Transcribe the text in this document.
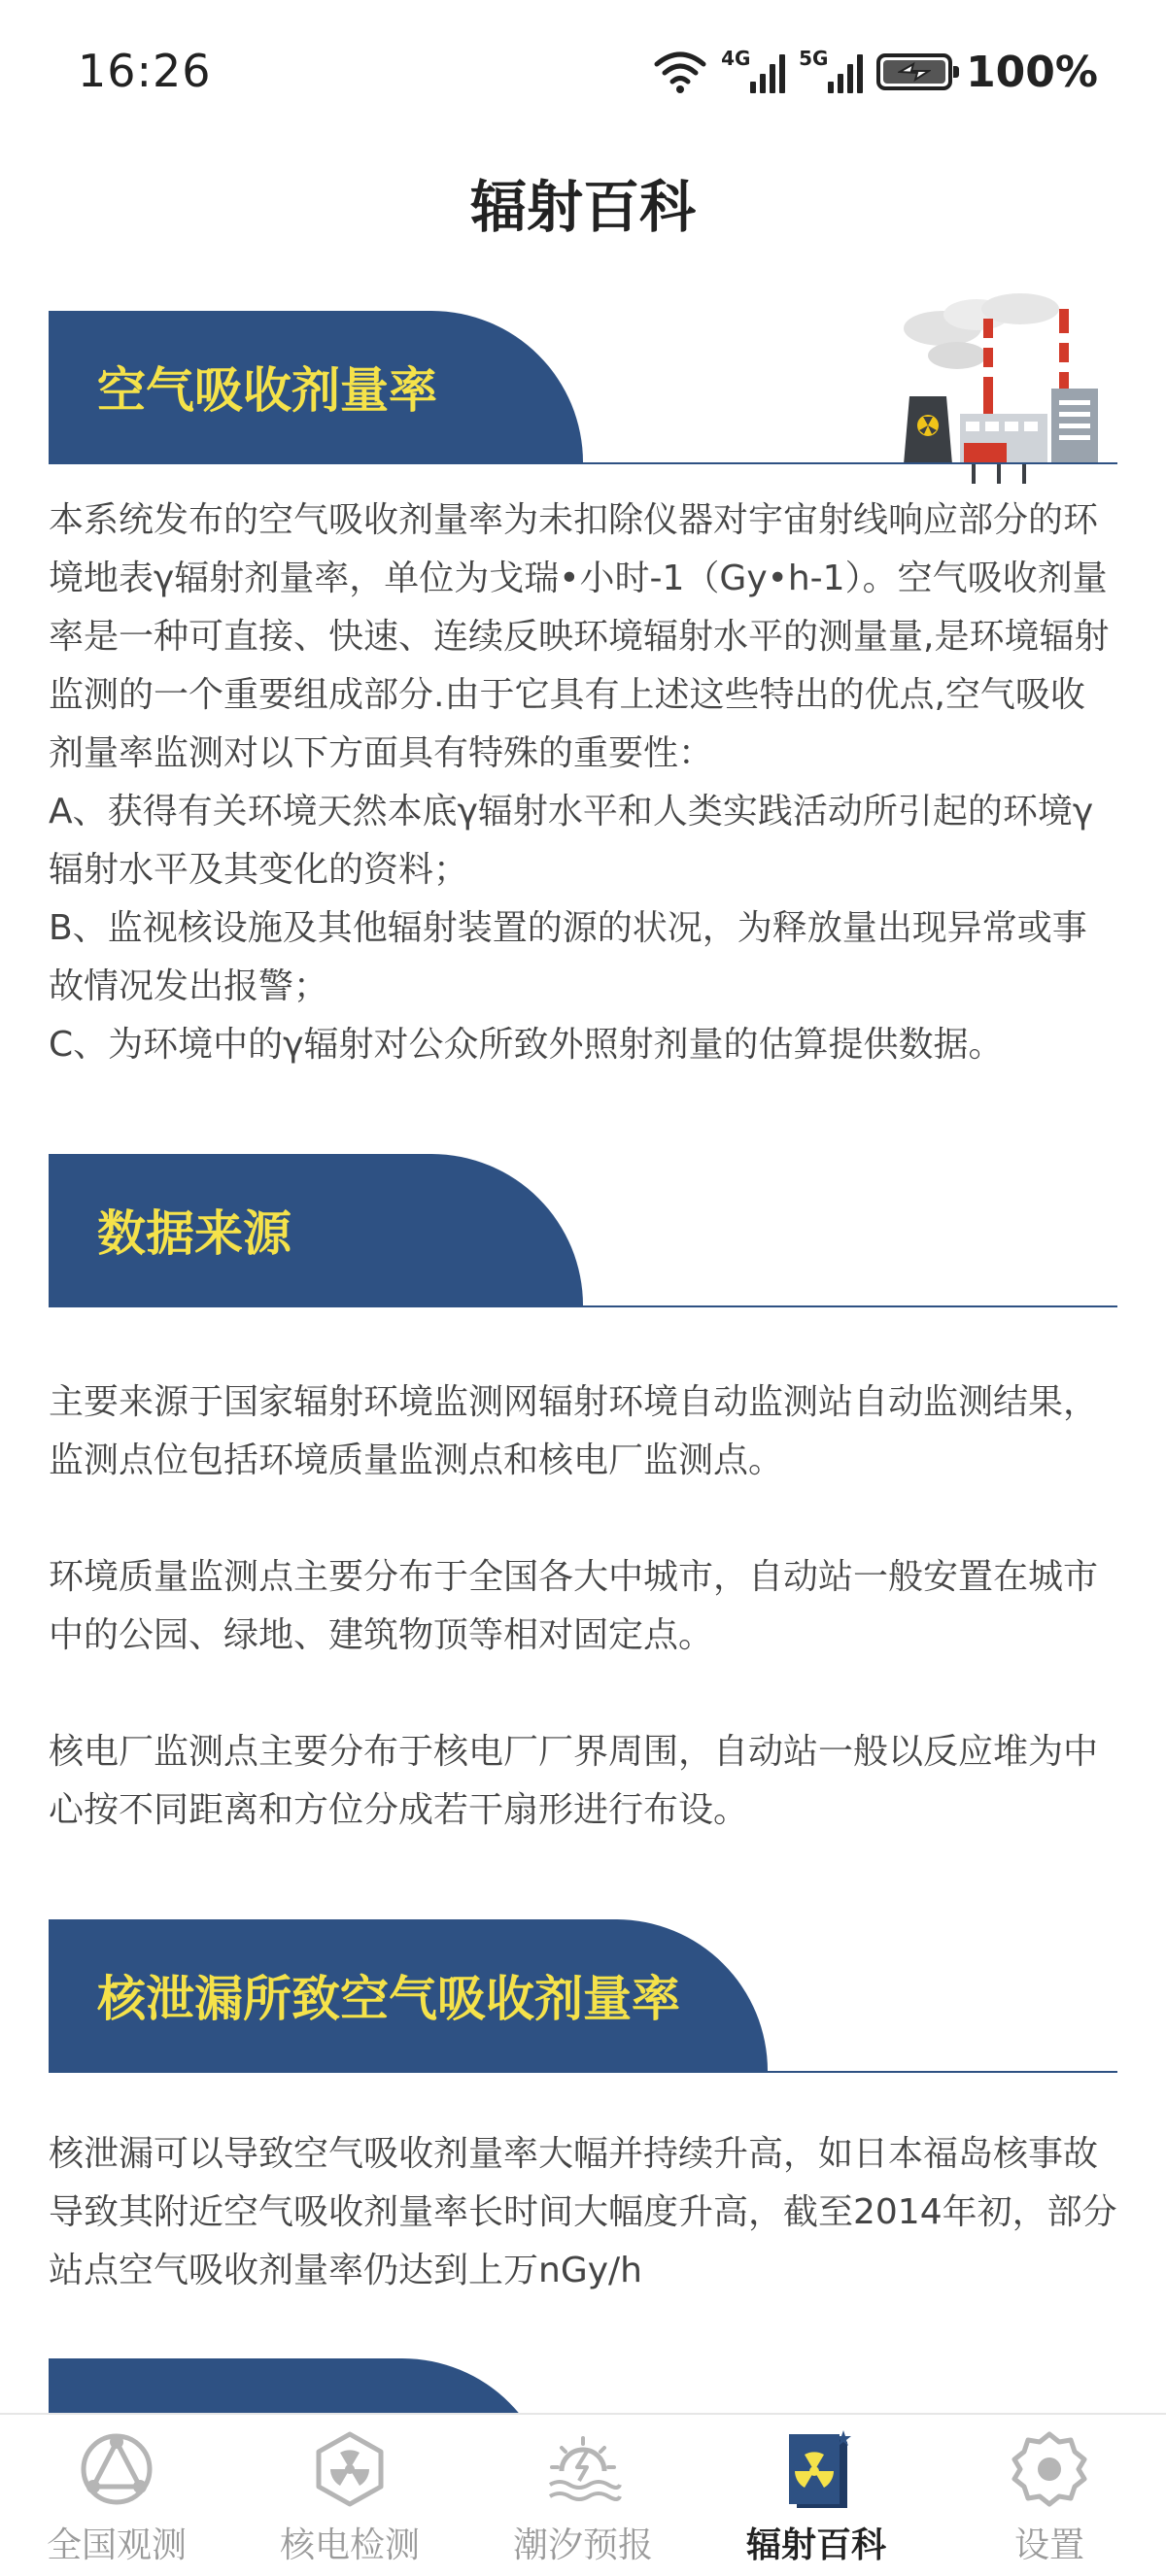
16:26	4G 5G	100%
辐射百科
空气吸收剂量率

本系统发布的空气吸收剂量率为未扣除仪器对宇宙射线响应部分的环境地表γ辐射剂量率，单位为戈瑞•小时-1（Gy•h-1）。空气吸收剂量率是一种可直接、快速、连续反映环境辐射水平的测量量,是环境辐射监测的一个重要组成部分.由于它具有上述这些特出的优点,空气吸收剂量率监测对以下方面具有特殊的重要性：

A、获得有关环境天然本底γ辐射水平和人类实践活动所引起的环境γ辐射水平及其变化的资料；

B、监视核设施及其他辐射装置的源的状况，为释放量出现异常或事故情况发出报警；

C、为环境中的γ辐射对公众所致外照射剂量的估算提供数据。

数据来源

主要来源于国家辐射环境监测网辐射环境自动监测站自动监测结果，监测点位包括环境质量监测点和核电厂监测点。

环境质量监测点主要分布于全国各大中城市，自动站一般安置在城市中的公园、绿地、建筑物顶等相对固定点。

核电厂监测点主要分布于核电厂厂界周围，自动站一般以反应堆为中心按不同距离和方位分成若干扇形进行布设。

核泄漏所致空气吸收剂量率

核泄漏可以导致空气吸收剂量率大幅并持续升高，如日本福岛核事故导致其附近空气吸收剂量率长时间大幅度升高，截至2014年初，部分站点空气吸收剂量率仍达到上万nGy/h

全国观测	核电检测	潮汐预报	辐射百科	设置
